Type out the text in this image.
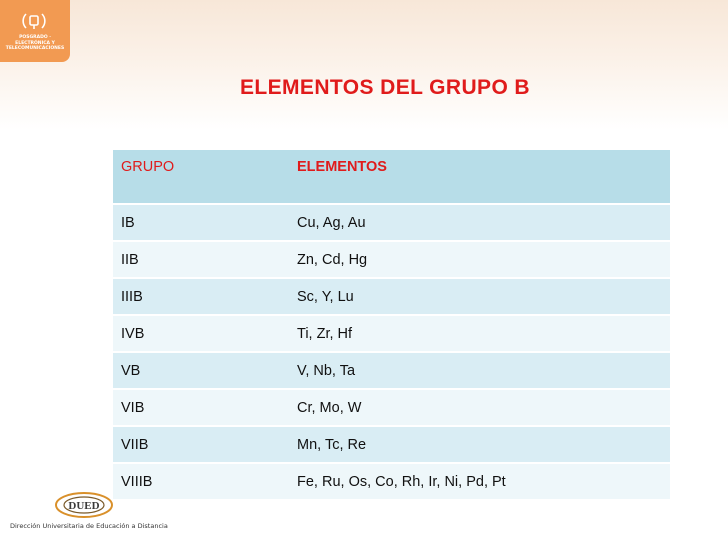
POSGRADO · ELECTRÓNICA Y TELECOMUNICACIONES
ELEMENTOS DEL GRUPO B
GRUPO	ELEMENTOS
IB	Cu, Ag, Au
IIB	Zn, Cd, Hg
IIIB	Sc, Y, Lu
IVB	Ti, Zr, Hf
VB	V, Nb, Ta
VIB	Cr, Mo, W
VIIB	Mn, Tc, Re
VIIIB	Fe, Ru, Os, Co, Rh, Ir, Ni, Pd, Pt
DUED
Dirección Universitaria de Educación a Distancia
